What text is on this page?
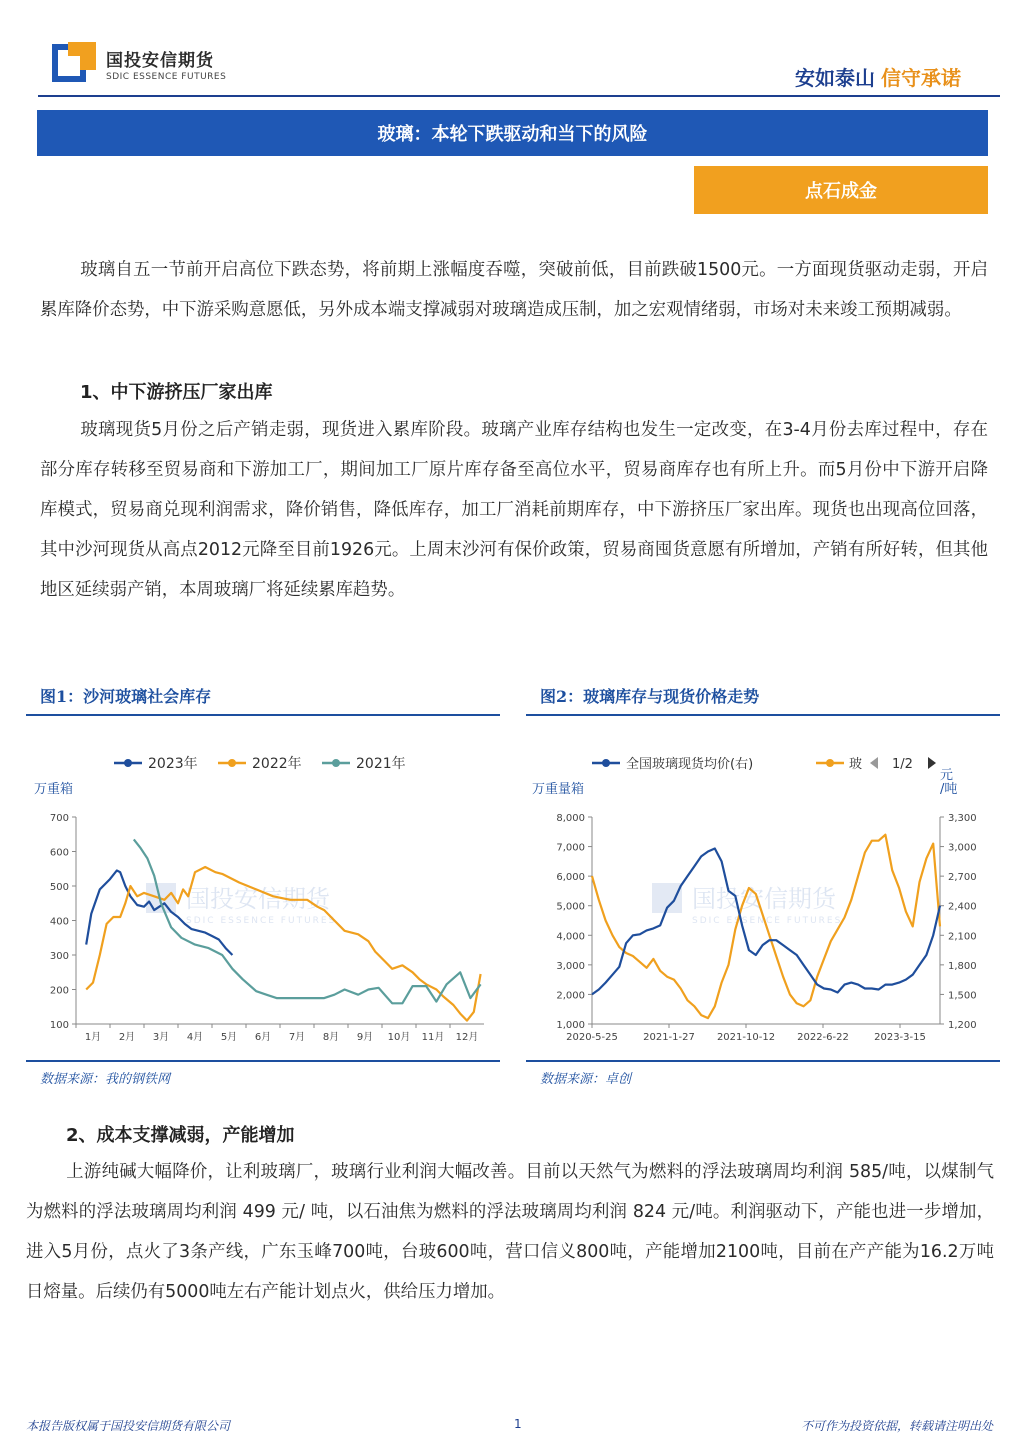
国投安信期货
SDIC ESSENCE FUTURES	安如泰山 信守承诺
玻璃：本轮下跌驱动和当下的风险
点石成金
玻璃自五一节前开启高位下跌态势，将前期上涨幅度吞噬，突破前低，目前跌破1500元。一方面现货驱动走弱，开启累库降价态势，中下游采购意愿低，另外成本端支撑减弱对玻璃造成压制，加之宏观情绪弱，市场对未来竣工预期减弱。
1、中下游挤压厂家出库
玻璃现货5月份之后产销走弱，现货进入累库阶段。玻璃产业库存结构也发生一定改变，在3-4月份去库过程中，存在部分库存转移至贸易商和下游加工厂，期间加工厂原片库存备至高位水平，贸易商库存也有所上升。而5月份中下游开启降库模式，贸易商兑现利润需求，降价销售，降低库存，加工厂消耗前期库存，中下游挤压厂家出库。现货也出现高位回落，其中沙河现货从高点2012元降至目前1926元。上周末沙河有保价政策，贸易商囤货意愿有所增加，产销有所好转，但其他地区延续弱产销，本周玻璃厂将延续累库趋势。
图1：沙河玻璃社会库存
2023年	2022年	2021年
万重箱
700
600
500
400
300
200
100
1月 2月 3月 4月 5月 6月 7月 8月 9月 10月 11月 12月
国投安信期货
SDIC ESSENCE FUTURES
数据来源：我的钢铁网
图2：玻璃库存与现货价格走势
全国玻璃现货均价(右)	玻 1/2
万重量箱
元
/吨
8,000
7,000
6,000
5,000
4,000
3,000
2,000
1,000
3,300
3,000
2,700
2,400
2,100
1,800
1,500
1,200
2020-5-25	2021-1-27 2021-10-12 2022-6-22	2023-3-15
国投安信期货
SDIC ESSENCE FUTURES
数据来源：卓创
2、成本支撑减弱，产能增加
上游纯碱大幅降价，让利玻璃厂，玻璃行业利润大幅改善。目前以天然气为燃料的浮法玻璃周均利润 585/吨，以煤制气为燃料的浮法玻璃周均利润 499 元/ 吨，以石油焦为燃料的浮法玻璃周均利润 824 元/吨。利润驱动下，产能也进一步增加，进入5月份，点火了3条产线，广东玉峰700吨，台玻600吨，营口信义800吨，产能增加2100吨，目前在产产能为16.2万吨日熔量。后续仍有5000吨左右产能计划点火，供给压力增加。
本报告版权属于国投安信期货有限公司	1	不可作为投资依据，转载请注明出处
